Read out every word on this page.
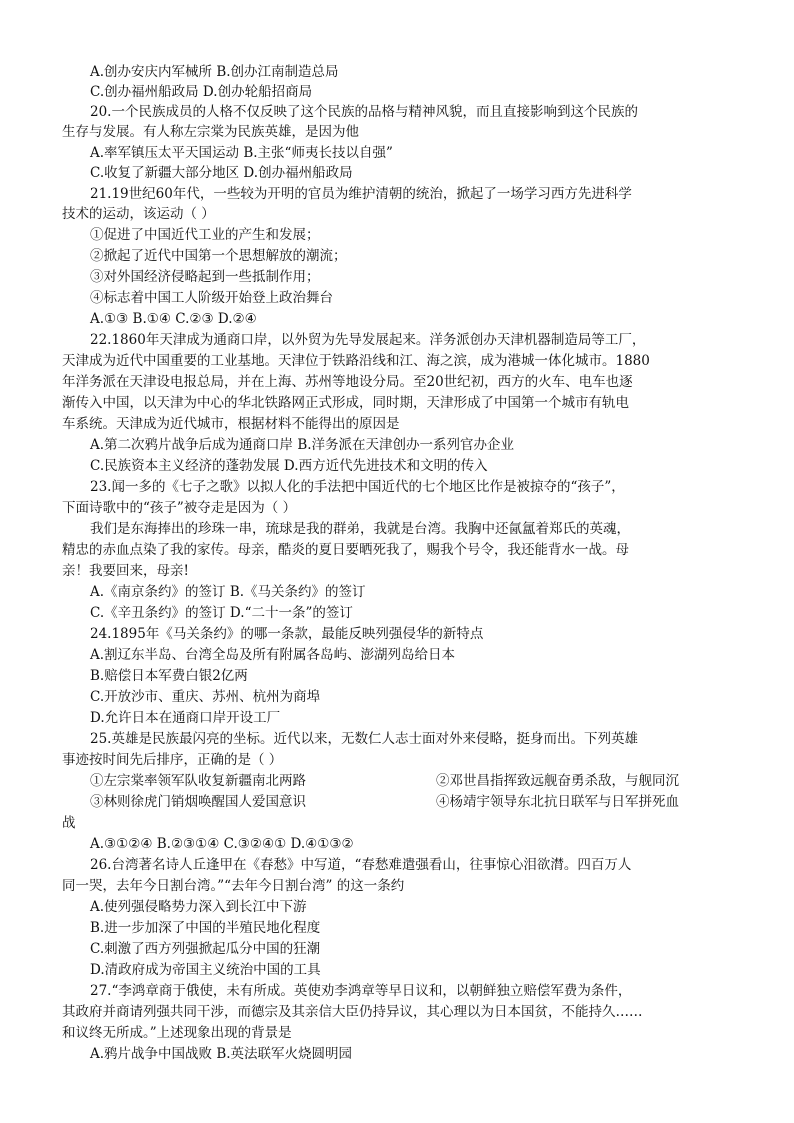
A.创办安庆内军械所 B.创办江南制造总局
C.创办福州船政局 D.创办轮船招商局
20.一个民族成员的人格不仅反映了这个民族的品格与精神风貌，而且直接影响到这个民族的
生存与发展。有人称左宗棠为民族英雄，是因为他
A.率军镇压太平天国运动 B.主张“师夷长技以自强”
C.收复了新疆大部分地区 D.创办福州船政局
21.19世纪60年代，一些较为开明的官员为维护清朝的统治，掀起了一场学习西方先进科学
技术的运动，该运动（ ）
①促进了中国近代工业的产生和发展；
②掀起了近代中国第一个思想解放的潮流；
③对外国经济侵略起到一些抵制作用；
④标志着中国工人阶级开始登上政治舞台
A.①③ B.①④ C.②③ D.②④
22.1860年天津成为通商口岸，以外贸为先导发展起来。洋务派创办天津机器制造局等工厂，
天津成为近代中国重要的工业基地。天津位于铁路沿线和江、海之滨，成为港城一体化城市。1880
年洋务派在天津设电报总局，并在上海、苏州等地设分局。至20世纪初，西方的火车、电车也逐
渐传入中国，以天津为中心的华北铁路网正式形成，同时期，天津形成了中国第一个城市有轨电
车系统。天津成为近代城市，根据材料不能得出的原因是
A.第二次鸦片战争后成为通商口岸 B.洋务派在天津创办一系列官办企业
C.民族资本主义经济的蓬勃发展 D.西方近代先进技术和文明的传入
23.闻一多的《七子之歌》以拟人化的手法把中国近代的七个地区比作是被掠夺的“孩子”，
下面诗歌中的“孩子”被夺走是因为（ ）
我们是东海捧出的珍珠一串，琉球是我的群弟，我就是台湾。我胸中还氤氲着郑氏的英魂，
精忠的赤血点染了我的家传。母亲，酷炎的夏日要晒死我了，赐我个号令，我还能背水一战。母
亲！我要回来，母亲!
A.《南京条约》的签订 B.《马关条约》的签订
C.《辛丑条约》的签订 D.“二十一条”的签订
24.1895年《马关条约》的哪一条款，最能反映列强侵华的新特点
A.割辽东半岛、台湾全岛及所有附属各岛屿、澎湖列岛给日本
B.赔偿日本军费白银2亿两
C.开放沙市、重庆、苏州、杭州为商埠
D.允许日本在通商口岸开设工厂
25.英雄是民族最闪亮的坐标。近代以来，无数仁人志士面对外来侵略，挺身而出。下列英雄
事迹按时间先后排序，正确的是（ ）
①左宗棠率领军队收复新疆南北两路	②邓世昌指挥致远舰奋勇杀敌，与舰同沉
③林则徐虎门销烟唤醒国人爱国意识	④杨靖宇领导东北抗日联军与日军拼死血
战
A.③①②④ B.②③①④ C.③②④① D.④①③②
26.台湾著名诗人丘逢甲在《春愁》中写道，“春愁难遣强看山，往事惊心泪欲潸。四百万人
同一哭，去年今日割台湾。”“去年今日割台湾” 的这一条约
A.使列强侵略势力深入到长江中下游
B.进一步加深了中国的半殖民地化程度
C.刺激了西方列强掀起瓜分中国的狂潮
D.清政府成为帝国主义统治中国的工具
27.“李鸿章商于俄使，未有所成。英使劝李鸿章等早日议和，以朝鲜独立赔偿军费为条件，
其政府并商请列强共同干涉，而德宗及其亲信大臣仍持异议，其心理以为日本国贫，不能持久……
和议终无所成。”上述现象出现的背景是
A.鸦片战争中国战败 B.英法联军火烧圆明园
